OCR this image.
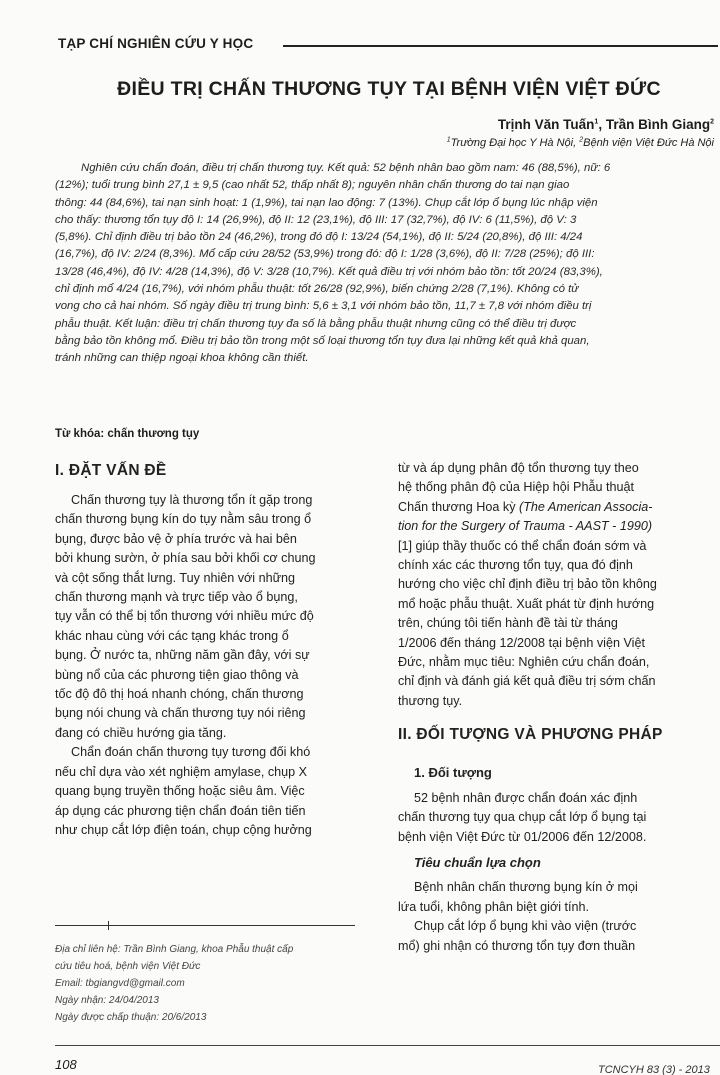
TẠP CHÍ NGHIÊN CỨU Y HỌC
ĐIỀU TRỊ CHẤN THƯƠNG TỤY TẠI BỆNH VIỆN VIỆT ĐỨC
Trịnh Văn Tuấn$^1$, Trần Bình Giang$^2$
$^1$Trường Đại học Y Hà Nội, $^2$Bệnh viện Việt Đức Hà Nội
Nghiên cứu chẩn đoán, điều trị chấn thương tụy. Kết quả: 52 bệnh nhân bao gồm nam: 46 (88,5%), nữ: 6
(12%); tuổi trung bình 27,1 ± 9,5 (cao nhất 52, thấp nhất 8); nguyên nhân chấn thương do tai nạn giao
thông: 44 (84,6%), tai nạn sinh hoạt: 1 (1,9%), tai nạn lao động: 7 (13%). Chụp cắt lớp ổ bụng lúc nhập viện
cho thấy: thương tổn tụy độ I: 14 (26,9%), độ II: 12 (23,1%), độ III: 17 (32,7%), độ IV: 6 (11,5%), độ V: 3
(5,8%). Chỉ định điều trị bảo tồn 24 (46,2%), trong đó độ I: 13/24 (54,1%), độ II: 5/24 (20,8%), độ III: 4/24
(16,7%), độ IV: 2/24 (8,3%). Mổ cấp cứu 28/52 (53,9%) trong đó: độ I: 1/28 (3,6%), độ II: 7/28 (25%); độ III:
13/28 (46,4%), độ IV: 4/28 (14,3%), độ V: 3/28 (10,7%). Kết quả điều trị với nhóm bảo tồn: tốt 20/24 (83,3%),
chỉ định mổ 4/24 (16,7%), với nhóm phẫu thuật: tốt 26/28 (92,9%), biến chứng 2/28 (7,1%). Không có tử
vong cho cả hai nhóm. Số ngày điều trị trung bình: 5,6 ± 3,1 với nhóm bảo tồn, 11,7 ± 7,8 với nhóm điều trị
phẫu thuật. Kết luận: điều trị chấn thương tụy đa số là bằng phẫu thuật nhưng cũng có thể điều trị được
bằng bảo tồn không mổ. Điều trị bảo tồn trong một số loại thương tổn tụy đưa lại những kết quả khả quan,
tránh những can thiệp ngoại khoa không cần thiết.
Từ khóa: chấn thương tụy
I. ĐẶT VẤN ĐỀ
Chấn thương tụy là thương tổn ít gặp trong
chấn thương bụng kín do tụy nằm sâu trong ổ
bụng, được bảo vệ ở phía trước và hai bên
bởi khung sườn, ở phía sau bởi khối cơ chung
và cột sống thắt lưng. Tuy nhiên với những
chấn thương mạnh và trực tiếp vào ổ bụng,
tụy vẫn có thể bị tổn thương với nhiều mức độ
khác nhau cùng với các tạng khác trong ổ
bụng. Ở nước ta, những năm gần đây, với sự
bùng nổ của các phương tiện giao thông và
tốc độ đô thị hoá nhanh chóng, chấn thương
bụng nói chung và chấn thương tụy nói riêng
đang có chiều hướng gia tăng.
Chẩn đoán chấn thương tụy tương đối khó
nếu chỉ dựa vào xét nghiệm amylase, chụp X
quang bụng truyền thống hoặc siêu âm. Việc
áp dụng các phương tiện chẩn đoán tiên tiến
như chụp cắt lớp điện toán, chụp cộng hưởng
từ và áp dụng phân độ tổn thương tụy theo
hệ thống phân độ của Hiệp hội Phẫu thuật
Chấn thương Hoa kỳ (The American Associa-
tion for the Surgery of Trauma - AAST - 1990)
[1] giúp thầy thuốc có thể chẩn đoán sớm và
chính xác các thương tổn tụy, qua đó định
hướng cho việc chỉ định điều trị bảo tồn không
mổ hoặc phẫu thuật. Xuất phát từ định hướng
trên, chúng tôi tiến hành đề tài từ tháng
1/2006 đến tháng 12/2008 tại bệnh viện Việt
Đức, nhằm mục tiêu: Nghiên cứu chẩn đoán,
chỉ định và đánh giá kết quả điều trị sớm chấn
thương tụy.
II. ĐỐI TƯỢNG VÀ PHƯƠNG PHÁP
1. Đối tượng
52 bệnh nhân được chẩn đoán xác định
chấn thương tụy qua chụp cắt lớp ổ bụng tại
bệnh viện Việt Đức từ 01/2006 đến 12/2008.
Tiêu chuẩn lựa chọn
Bệnh nhân chấn thương bụng kín ở mọi
lứa tuổi, không phân biệt giới tính.
Chụp cắt lớp ổ bụng khi vào viện (trước
mổ) ghi nhận có thương tổn tụy đơn thuần
Địa chỉ liên hệ: Trần Bình Giang, khoa Phẫu thuật cấp
cứu tiêu hoá, bệnh viện Việt Đức
Email: tbgiangvd@gmail.com
Ngày nhận: 24/04/2013
Ngày được chấp thuận: 20/6/2013
108	TCNCYH 83 (3) - 2013
